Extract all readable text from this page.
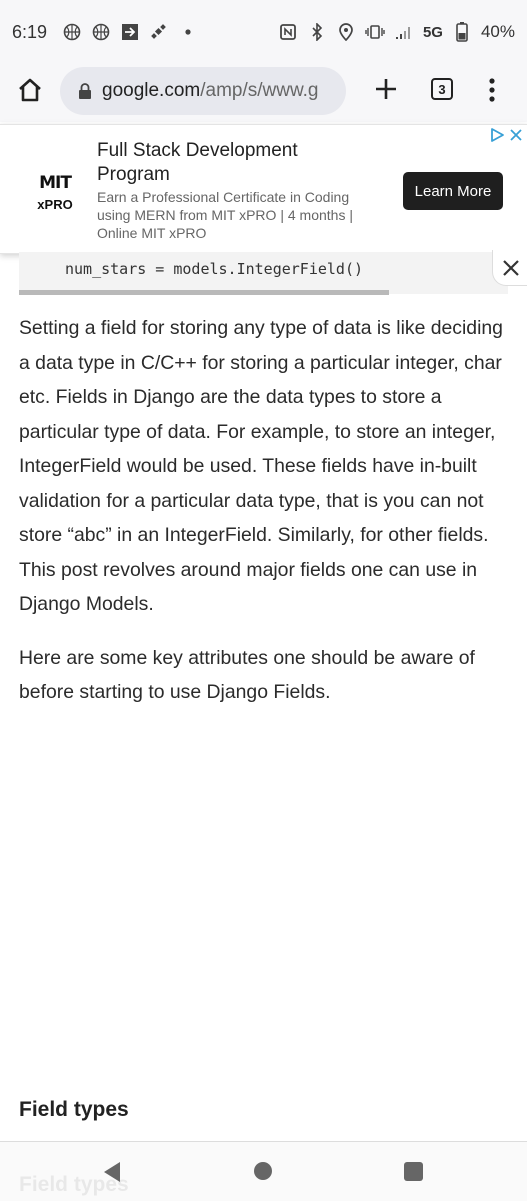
6:19	5G 40%
google.com/amp/s/www.g	3
MIT
xPRO
Full Stack Development Program
Earn a Professional Certificate in Coding using MERN from MIT xPRO | 4 months | Online MIT xPRO
Learn More
num_stars = models.IntegerField()

Setting a field for storing any type of data is like deciding a data type in C/C++ for storing a particular integer, char etc. Fields in Django are the data types to store a particular type of data. For example, to store an integer, IntegerField would be used. These fields have in-built validation for a particular data type, that is you can not store “abc” in an IntegerField. Similarly, for other fields. This post revolves around major fields one can use in Django Models.

Here are some key attributes one should be aware of before starting to use Django Fields.

Field types
